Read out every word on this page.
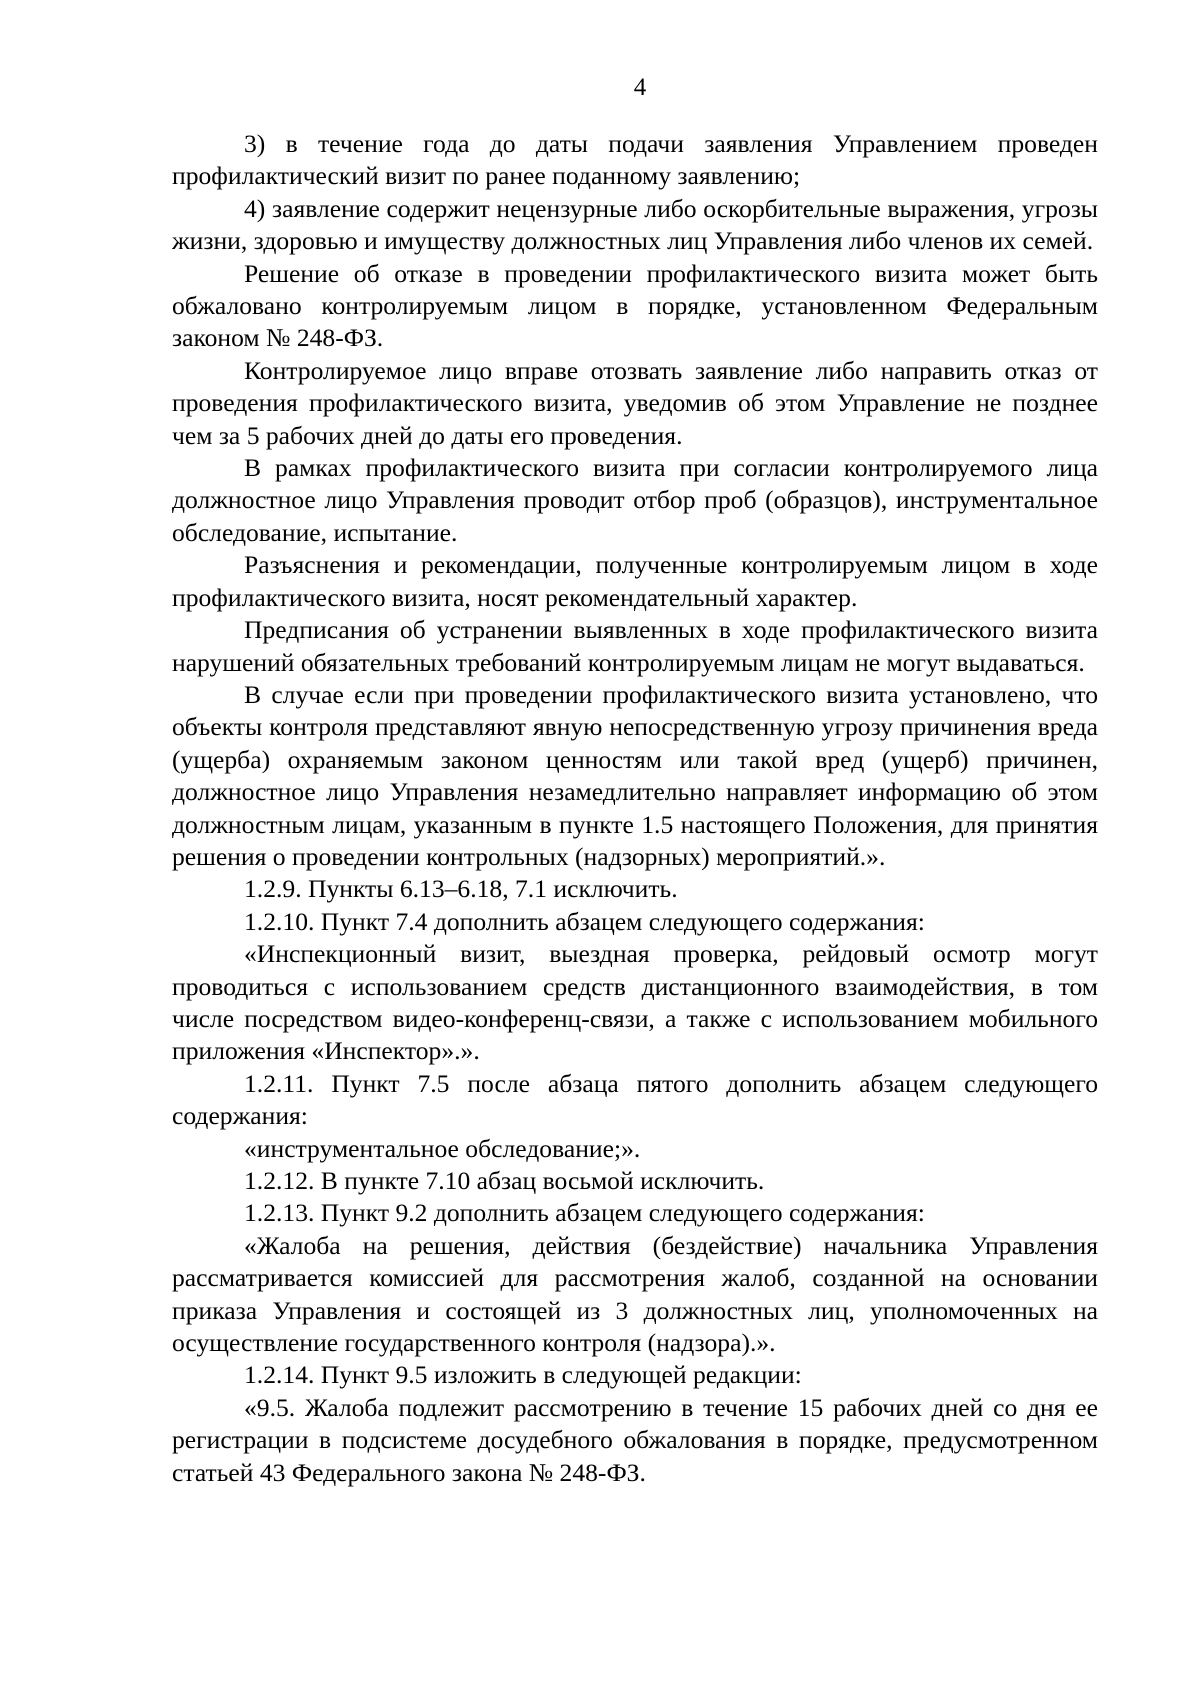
4

3) в течение года до даты подачи заявления Управлением проведен профилактический визит по ранее поданному заявлению;

4) заявление содержит нецензурные либо оскорбительные выражения, угрозы жизни, здоровью и имуществу должностных лиц Управления либо членов их семей.

Решение об отказе в проведении профилактического визита может быть обжаловано контролируемым лицом в порядке, установленном Федеральным законом № 248-ФЗ.

Контролируемое лицо вправе отозвать заявление либо направить отказ от проведения профилактического визита, уведомив об этом Управление не позднее чем за 5 рабочих дней до даты его проведения.

В рамках профилактического визита при согласии контролируемого лица должностное лицо Управления проводит отбор проб (образцов), инструментальное обследование, испытание.

Разъяснения и рекомендации, полученные контролируемым лицом в ходе профилактического визита, носят рекомендательный характер.

Предписания об устранении выявленных в ходе профилактического визита нарушений обязательных требований контролируемым лицам не могут выдаваться.

В случае если при проведении профилактического визита установлено, что объекты контроля представляют явную непосредственную угрозу причинения вреда (ущерба) охраняемым законом ценностям или такой вред (ущерб) причинен, должностное лицо Управления незамедлительно направляет информацию об этом должностным лицам, указанным в пункте 1.5 настоящего Положения, для принятия решения о проведении контрольных (надзорных) мероприятий.».

1.2.9. Пункты 6.13–6.18, 7.1 исключить.

1.2.10. Пункт 7.4 дополнить абзацем следующего содержания:

«Инспекционный визит, выездная проверка, рейдовый осмотр могут проводиться с использованием средств дистанционного взаимодействия, в том числе посредством видео-конференц-связи, а также с использованием мобильного приложения «Инспектор».».

1.2.11. Пункт 7.5 после абзаца пятого дополнить абзацем следующего содержания:

«инструментальное обследование;».

1.2.12. В пункте 7.10 абзац восьмой исключить.

1.2.13. Пункт 9.2 дополнить абзацем следующего содержания:

«Жалоба на решения, действия (бездействие) начальника Управления рассматривается комиссией для рассмотрения жалоб, созданной на основании приказа Управления и состоящей из 3 должностных лиц, уполномоченных на осуществление государственного контроля (надзора).».

1.2.14. Пункт 9.5 изложить в следующей редакции:

«9.5. Жалоба подлежит рассмотрению в течение 15 рабочих дней со дня ее регистрации в подсистеме досудебного обжалования в порядке, предусмотренном статьей 43 Федерального закона № 248-ФЗ.
